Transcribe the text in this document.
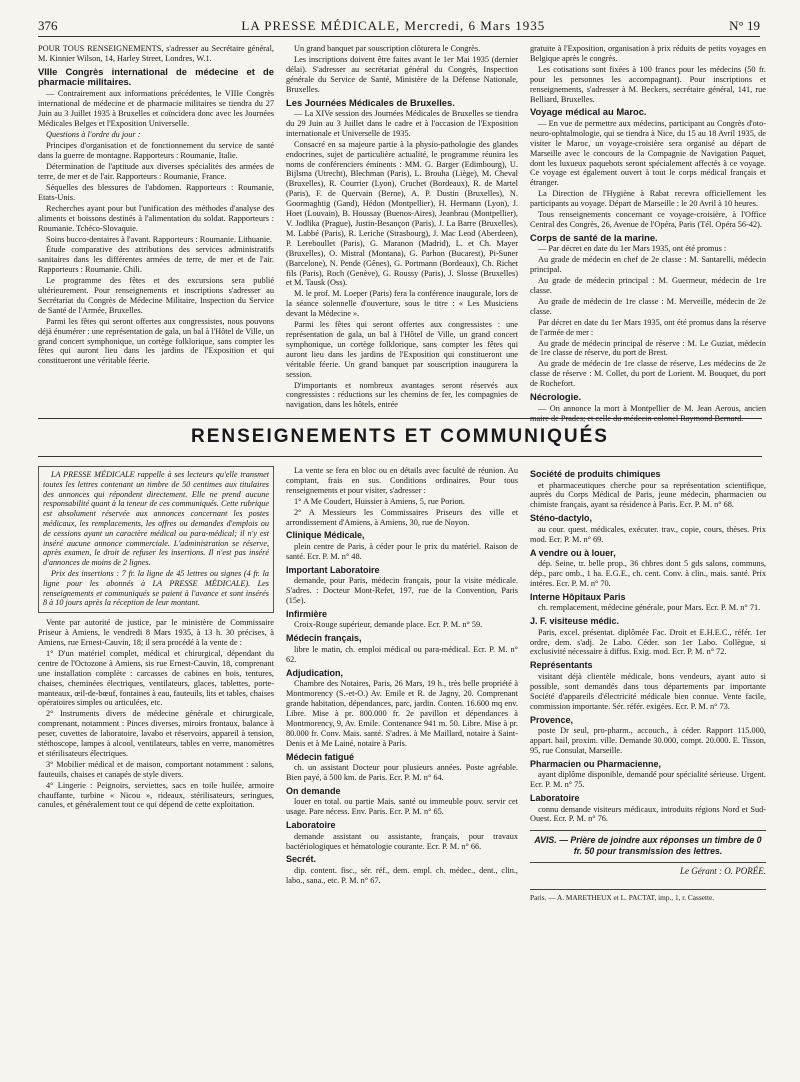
376	LA PRESSE MÉDICALE, Mercredi, 6 Mars 1935	N° 19

POUR TOUS RENSEIGNEMENTS, s'adresser au Secrétaire général, M. Kinnier Wilson, 14, Harley Street, Londres, W.1.

VIIIe Congrès international de médecine et de pharmacie militaires.

— Contrairement aux informations précédentes, le VIIIe Congrès international de médecine et de pharmacie militaires se tiendra du 27 Juin au 3 Juillet 1935 à Bruxelles et coïncidera donc avec les Journées Médicales Belges et l'Exposition Universelle.

Questions à l'ordre du jour :

Principes d'organisation et de fonctionnement du service de santé dans la guerre de montagne. Rapporteurs : Roumanie, Italie.

Détermination de l'aptitude aux diverses spécialités des armées de terre, de mer et de l'air. Rapporteurs : Roumanie, France.

Séquelles des blessures de l'abdomen. Rapporteurs : Roumanie, Etats-Unis.

Recherches ayant pour but l'unification des méthodes d'analyse des aliments et boissons destinés à l'alimentation du soldat. Rapporteurs : Roumanie. Tchéco-Slovaquie.

Soins bucco-dentaires à l'avant. Rapporteurs : Roumanie. Lithuanie.

Étude comparative des attributions des services administratifs sanitaires dans les différentes armées de terre, de mer et de l'air. Rapporteurs : Roumanie. Chili.

Le programme des fêtes et des excursions sera publié ultérieurement. Pour renseignements et inscriptions s'adresser au Secrétariat du Congrès de Médecine Militaire, Inspection du Service de Santé de l'Armée, Bruxelles.

Parmi les fêtes qui seront offertes aux congressistes, nous pouvons déjà énumérer : une représentation de gala, un bal à l'Hôtel de Ville, un grand concert symphonique, un cortège folklorique, sans compter les fêtes qui auront lieu dans les jardins de l'Exposition et qui constitueront une véritable féerie.

Un grand banquet par souscription clôturera le Congrès.

Les inscriptions doivent être faites avant le 1er Mai 1935 (dernier délai). S'adresser au secrétariat général du Congrès, Inspection générale du Service de Santé, Ministère de la Défense Nationale, Bruxelles.

Les Journées Médicales de Bruxelles.

— La XIVe session des Journées Médicales de Bruxelles se tiendra du 29 Juin au 3 Juillet dans le cadre et à l'occasion de l'Exposition internationale et Universelle de 1935.

Consacré en sa majeure partie à la physio-pathologie des glandes endocrines, sujet de particulière actualité, le programme réunira les noms de conférenciers éminents : MM. G. Barger (Edimbourg), U. Bijlsma (Utrecht), Blechman (Paris), L. Brouha (Liège), M. Cheval (Bruxelles), R. Courrier (Lyon), Cruchet (Bordeaux), R. de Martel (Paris), F. de Quervain (Berne), A. P. Dustin (Bruxelles), N. Goormaghtig (Gand), Hédon (Montpellier), H. Hermann (Lyon), J. Hoet (Louvain), B. Houssay (Buenos-Aires), Jeanbrau (Montpellier), V. Jodlika (Prague), Justin-Besançon (Paris), J. La Barre (Bruxelles), M. Labbé (Paris), R. Leriche (Strasbourg), J. Mac Leod (Aberdeen), P. Lereboullet (Paris), G. Maranon (Madrid), L. et Ch. Mayer (Bruxelles), O. Mistral (Montana), G. Parhon (Bucarest), Pi-Suner (Barcelone), N. Pende (Gênes), G. Portmann (Bordeaux), Ch. Richet fils (Paris), Roch (Genève), G. Roussy (Paris), J. Slosse (Bruxelles) et M. Tausk (Oss).

M. le prof. M. Loeper (Paris) fera la conférence inaugurale, lors de la séance solennelle d'ouverture, sous le titre : « Les Musiciens devant la Médecine ».

Parmi les fêtes qui seront offertes aux congressistes : une représentation de gala, un bal à l'Hôtel de Ville, un grand concert symphonique, un cortège folklorique, sans compter les fêtes qui auront lieu dans les jardins de l'Exposition qui constitueront une véritable féerie. Un grand banquet par souscription inaugurera la session.

D'importants et nombreux avantages seront réservés aux congressistes : réductions sur les chemins de fer, les compagnies de navigation, dans les hôtels, entrée

gratuite à l'Exposition, organisation à prix réduits de petits voyages en Belgique après le congrès.

Les cotisations sont fixées à 100 francs pour les médecins (50 fr. pour les personnes les accompagnant). Pour inscriptions et renseignements, s'adresser à M. Beckers, secrétaire général, 141, rue Belliard, Bruxelles.

Voyage médical au Maroc.

— En vue de permettre aux médecins, participant au Congrès d'oto-neuro-ophtalmologie, qui se tiendra à Nice, du 15 au 18 Avril 1935, de visiter le Maroc, un voyage-croisière sera organisé au départ de Marseille avec le concours de la Compagnie de Navigation Paquet, dont les luxueux paquebots seront spécialement affectés à ce voyage. Ce voyage est également ouvert à tout le corps médical français et étranger.

La Direction de l'Hygiène à Rabat recevra officiellement les participants au voyage. Départ de Marseille : le 20 Avril à 10 heures.

Tous renseignements concernant ce voyage-croisière, à l'Office Central des Congrès, 26, Avenue de l'Opéra, Paris (Tél. Opéra 56-42).

Corps de santé de la marine.

— Par décret en date du 1er Mars 1935, ont été promus :

Au grade de médecin en chef de 2e classe : M. Santarelli, médecin principal.

Au grade de médecin principal : M. Guermeur, médecin de 1re classe.

Au grade de médecin de 1re classe : M. Merveille, médecin de 2e classe.

Par décret en date du 1er Mars 1935, ont été promus dans la réserve de l'armée de mer :

Au grade de médecin principal de réserve : M. Le Guziat, médecin de 1re classe de réserve, du port de Brest.

Au grade de médecin de 1re classe de réserve, Les médecins de 2e classe de réserve : M. Collet, du port de Lorient. M. Bouquet, du port de Rochefort.

Nécrologie.

— On annonce la mort à Montpellier de M. Jean Aerous, ancien maire de Prades; et celle du médecin colonel Raymond Bernard.

RENSEIGNEMENTS ET COMMUNIQUÉS

LA PRESSE MÉDICALE rappelle à ses lecteurs qu'elle transmet toutes les lettres contenant un timbre de 50 centimes aux titulaires des annonces qui répondent directement. Elle ne prend aucune responsabilité quant à la teneur de ces communiqués. Cette rubrique est absolument réservée aux annonces concernant les postes médicaux, les remplacements, les offres ou demandes d'emplois ou de cessions ayant un caractère médical ou para-médical; il n'y est inséré aucune annonce commerciale. L'administration se réserve, après examen, le droit de refuser les insertions. Il n'est pas inséré d'annonces de moins de 2 lignes.

Prix des insertions : 7 fr. la ligne de 45 lettres ou signes (4 fr. la ligne pour les abonnés à LA PRESSE MÉDICALE). Les renseignements et communiqués se paient à l'avance et sont insérés 8 à 10 jours après la réception de leur montant.

Vente par autorité de justice, par le ministère de Commissaire Priseur à Amiens, le vendredi 8 Mars 1935, à 13 h. 30 précises, à Amiens, rue Ernest-Cauvin, 18; il sera procédé à la vente de :

1° D'un matériel complet, médical et chirurgical, dépendant du centre de l'Octozone à Amiens, sis rue Ernest-Cauvin, 18, comprenant une installation complète : carcasses de cabines en bois, tentures, chaises, cheminées électriques, ventilateurs, glaces, tablettes, porte-manteaux, œil-de-bœuf, fontaines à eau, fauteuils, lits et tables, chaises opératoires simples ou articulées, etc.

2° Instruments divers de médecine générale et chirurgicale, comprenant, notamment : Pinces diverses, miroirs frontaux, balance à peser, cuvettes de laboratoire, lavabo et réservoirs, appareil à tension, stéthoscope, lampes à alcool, ventilateurs, tables en verre, manomètres et stérilisateurs électriques.

3° Mobilier médical et de maison, comportant notamment : salons, fauteuils, chaises et canapés de style divers.

4° Lingerie : Peignoirs, serviettes, sacs en toile huilée, armoire chauffante, turbine « Nicou », rideaux, stérilisateurs, seringues, canules, et généralement tout ce qui dépend de cette exploitation.

La vente se fera en bloc ou en détails avec faculté de réunion. Au comptant, frais en sus. Conditions ordinaires. Pour tous renseignements et pour visiter, s'adresser :

1° A Me Coudert, Huissier à Amiens, 5, rue Porion.

2° A Messieurs les Commissaires Priseurs des ville et arrondissement d'Amiens, à Amiens, 30, rue de Noyon.

Clinique Médicale,

plein centre de Paris, à céder pour le prix du matériel. Raison de santé. Ecr. P. M. n° 48.

Important Laboratoire

demande, pour Paris, médecin français, pour la visite médicale. S'adres. : Docteur Mont-Refet, 197, rue de la Convention, Paris (15e).

Infirmière

Croix-Rouge supérieur, demande place. Ecr. P. M. n° 59.

Médecin français,

libre le matin, ch. emploi médical ou para-médical. Ecr. P. M. n° 62.

Adjudication,

Chambre des Notaires, Paris, 26 Mars, 19 h., très belle propriété à Montmorency (S.-et-O.) Av. Emile et R. de Jagny, 20. Comprenant grande habitation, dépendances, parc, jardin. Conten. 16.600 mq env. Libre. Mise à pr. 800.000 fr. 2e pavillon et dépendances à Montmorency, 9, Av. Emile. Contenance 941 m. 50. Libre. Mise à pr. 80.000 fr. Conv. Mais. santé. S'adres. à Me Maillard, notaire à Saint-Denis et à Me Lainé, notaire à Paris.

Médecin fatigué

ch. un assistant Docteur pour plusieurs années. Poste agréable. Bien payé, à 500 km. de Paris. Ecr. P. M. n° 64.

On demande

louer en total. ou partie Mais. santé ou immeuble pouv. servir cet usage. Pare nécess. Env. Paris. Ecr. P. M. n° 65.

Laboratoire

demande assistant ou assistante, français, pour travaux bactériologiques et hématologie courante. Ecr. P. M. n° 66.

Secrét.

dip. content. fisc., sér. réf., dem. empl. ch. médec., dent., clin., labo., sana., etc. P. M. n° 67.

Société de produits chimiques

et pharmaceutiques cherche pour sa représentation scientifique, auprès du Corps Médical de Paris, jeune médecin, pharmacien ou chimiste français, ayant sa résidence à Paris. Ecr. P. M. n° 68.

Sténo-dactylo,

au cour. quest. médicales, exécuter. trav., copie, cours, thèses. Prix mod. Ecr. P. M. n° 69.

A vendre ou à louer,

dép. Seine, tr. belle prop., 36 chbres dont 5 gds salons, communs, dép., parc omb., 1 ha. E.G.E., ch. cent. Conv. à clin., mais. santé. Prix intéres. Ecr. P. M. n° 70.

Interne Hôpitaux Paris

ch. remplacement, médecine générale, pour Mars. Ecr. P. M. n° 71.

J. F. visiteuse médic.

Paris, excel. présentat. diplômée Fac. Droit et E.H.E.C., référ. 1er ordre, dem. s'adj. 2e Labo. Céder. son 1er Labo. Collègue, si exclusivité nécessaire à diffus. Exig. mod. Ecr. P. M. n° 72.

Représentants

visitant déjà clientèle médicale, bons vendeurs, ayant auto si possible, sont demandés dans tous départements par importante Société d'appareils d'électricité médicale bien connue. Vente facile, commission importante. Sér. référ. exigées. Ecr. P. M. n° 73.

Provence,

poste Dr seul, pro-pharm., accouch., à céder. Rapport 115.000, appart. bail, proxim. ville. Demande 30.000, compt. 20.000. E. Tisson, 95, rue Consulat, Marseille.

Pharmacien ou Pharmacienne,

ayant diplôme disponible, demandé pour spécialité sérieuse. Urgent. Ecr. P. M. n° 75.

Laboratoire

connu demande visiteurs médicaux, introduits régions Nord et Sud-Ouest. Ecr. P. M. n° 76.

AVIS. — Prière de joindre aux réponses un timbre de 0 fr. 50 pour transmission des lettres.
Le Gérant : O. PORÉE.
Paris. — A. MARETHEUX et L. PACTAT, imp., 1, r. Cassette.
